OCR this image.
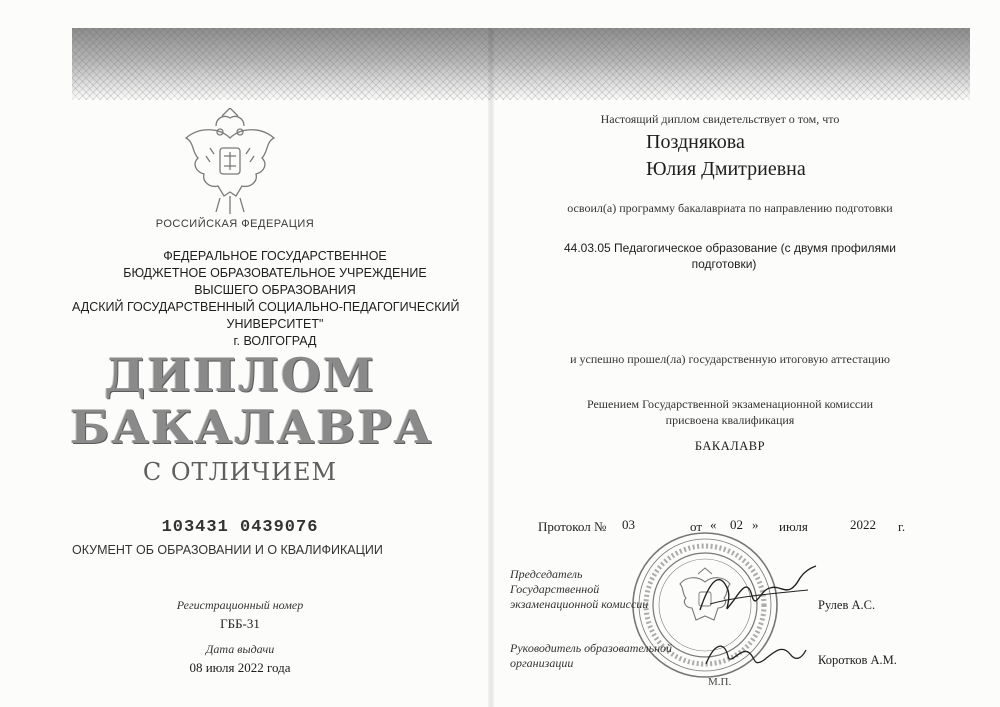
РОССИЙСКАЯ ФЕДЕРАЦИЯ
ФЕДЕРАЛЬНОЕ ГОСУДАРСТВЕННОЕ
БЮДЖЕТНОЕ ОБРАЗОВАТЕЛЬНОЕ УЧРЕЖДЕНИЕ
ВЫСШЕГО ОБРАЗОВАНИЯ
АДСКИЙ ГОСУДАРСТВЕННЫЙ СОЦИАЛЬНО-ПЕДАГОГИЧЕСКИЙ
УНИВЕРСИТЕТ"
г. ВОЛГОГРАД
ДИПЛОМ
БАКАЛАВРА
С ОТЛИЧИЕМ
103431 0439076
ОКУМЕНТ ОБ ОБРАЗОВАНИИ И О КВАЛИФИКАЦИИ
Регистрационный номер
ГББ-31
Дата выдачи
08 июля 2022 года
Настоящий диплом свидетельствует о том, что
Позднякова
Юлия Дмитриевна
освоил(а) программу бакалавриата по направлению подготовки
44.03.05 Педагогическое образование (с двумя профилями
подготовки)
и успешно прошел(ла) государственную итоговую аттестацию
Решением Государственной экзаменационной комиссии
присвоена квалификация
БАКАЛАВР
Протокол № 03	от « 02 » июля	2022 г.
Председатель
Государственной
экзаменационной комиссии	Рулев А.С.
Руководитель образовательной
организации	Коротков А.М.
М.П.
